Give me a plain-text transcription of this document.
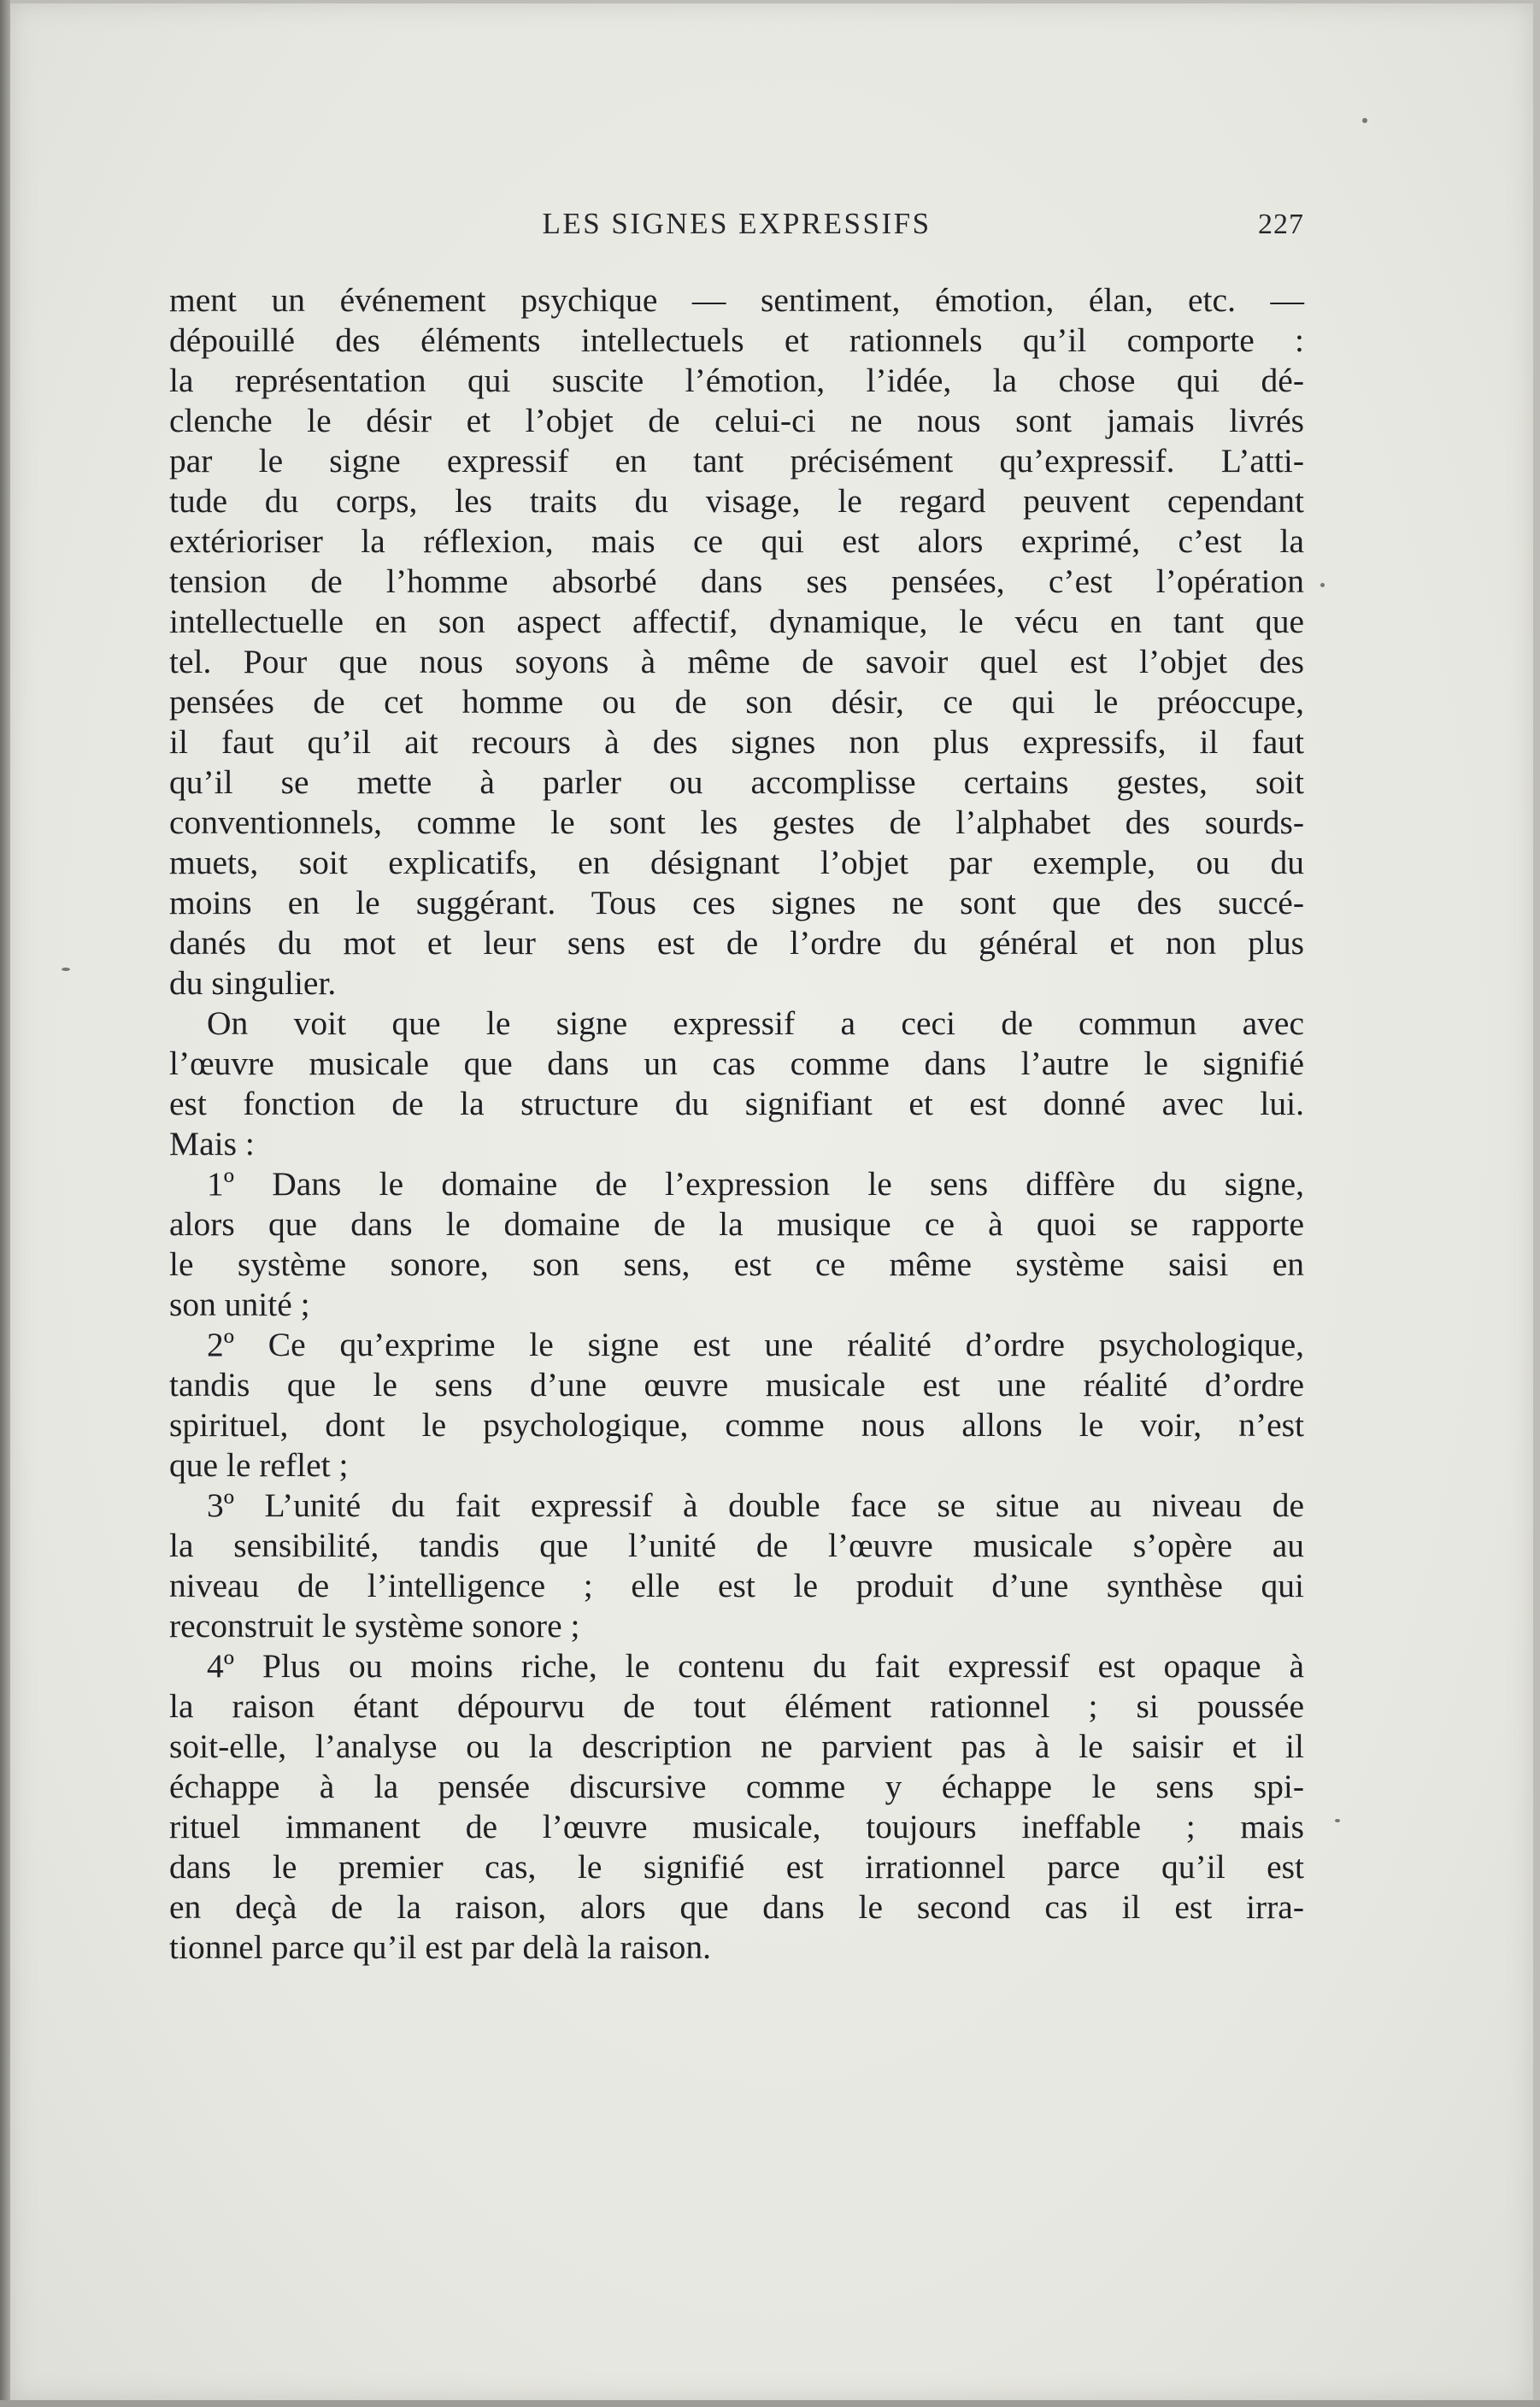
LES SIGNES EXPRESSIFS	227
ment un événement psychique — sentiment, émotion, élan, etc. —
dépouillé des éléments intellectuels et rationnels qu’il comporte :
la représentation qui suscite l’émotion, l’idée, la chose qui dé-
clenche le désir et l’objet de celui-ci ne nous sont jamais livrés
par le signe expressif en tant précisément qu’expressif. L’atti-
tude du corps, les traits du visage, le regard peuvent cependant
extérioriser la réflexion, mais ce qui est alors exprimé, c’est la
tension de l’homme absorbé dans ses pensées, c’est l’opération
intellectuelle en son aspect affectif, dynamique, le vécu en tant que
tel. Pour que nous soyons à même de savoir quel est l’objet des
pensées de cet homme ou de son désir, ce qui le préoccupe,
il faut qu’il ait recours à des signes non plus expressifs, il faut
qu’il se mette à parler ou accomplisse certains gestes, soit
conventionnels, comme le sont les gestes de l’alphabet des sourds-
muets, soit explicatifs, en désignant l’objet par exemple, ou du
moins en le suggérant. Tous ces signes ne sont que des succé-
danés du mot et leur sens est de l’ordre du général et non plus
du singulier.
On voit que le signe expressif a ceci de commun avec
l’œuvre musicale que dans un cas comme dans l’autre le signifié
est fonction de la structure du signifiant et est donné avec lui.
Mais :
1º Dans le domaine de l’expression le sens diffère du signe,
alors que dans le domaine de la musique ce à quoi se rapporte
le système sonore, son sens, est ce même système saisi en
son unité ;
2º Ce qu’exprime le signe est une réalité d’ordre psychologique,
tandis que le sens d’une œuvre musicale est une réalité d’ordre
spirituel, dont le psychologique, comme nous allons le voir, n’est
que le reflet ;
3º L’unité du fait expressif à double face se situe au niveau de
la sensibilité, tandis que l’unité de l’œuvre musicale s’opère au
niveau de l’intelligence ; elle est le produit d’une synthèse qui
reconstruit le système sonore ;
4º Plus ou moins riche, le contenu du fait expressif est opaque à
la raison étant dépourvu de tout élément rationnel ; si poussée
soit-elle, l’analyse ou la description ne parvient pas à le saisir et il
échappe à la pensée discursive comme y échappe le sens spi-
rituel immanent de l’œuvre musicale, toujours ineffable ; mais
dans le premier cas, le signifié est irrationnel parce qu’il est
en deçà de la raison, alors que dans le second cas il est irra-
tionnel parce qu’il est par delà la raison.
